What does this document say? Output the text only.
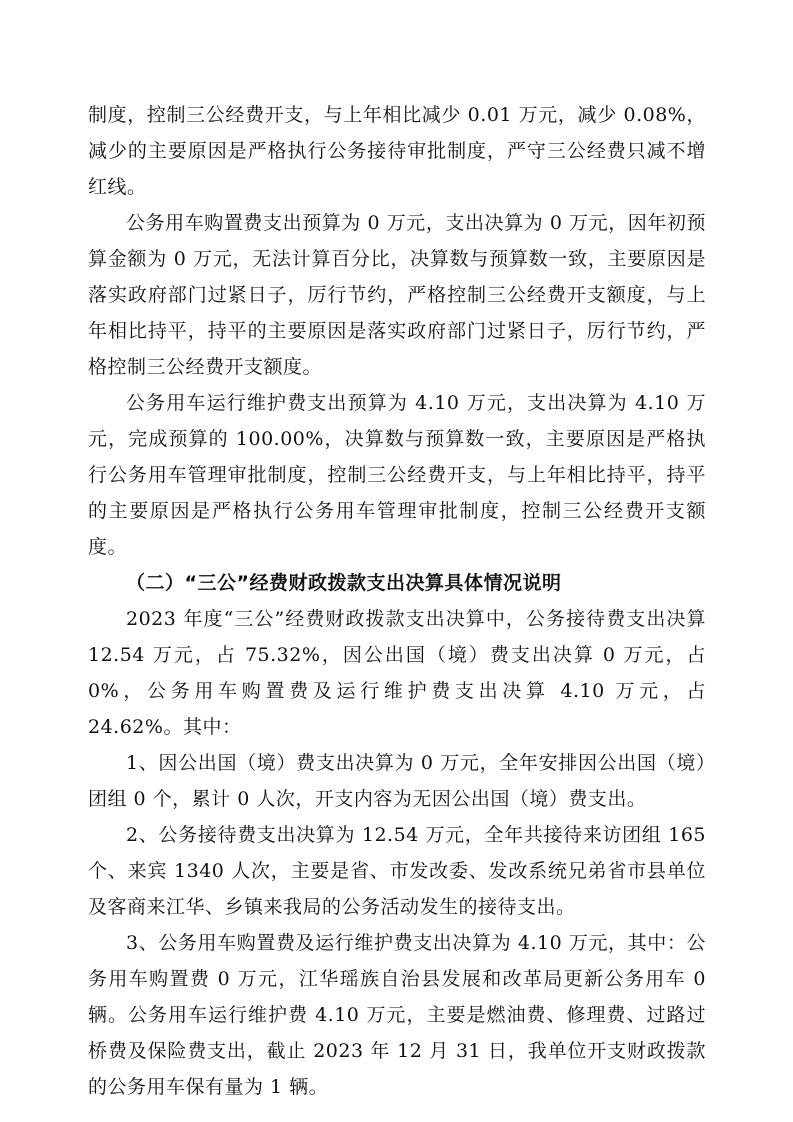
制度，控制三公经费开支，与上年相比减少 0.01 万元，减少 0.08%，减少的主要原因是严格执行公务接待审批制度，严守三公经费只减不增红线。

公务用车购置费支出预算为 0 万元，支出决算为 0 万元，因年初预算金额为 0 万元，无法计算百分比，决算数与预算数一致，主要原因是落实政府部门过紧日子，厉行节约，严格控制三公经费开支额度，与上年相比持平，持平的主要原因是落实政府部门过紧日子，厉行节约，严格控制三公经费开支额度。

公务用车运行维护费支出预算为 4.10 万元，支出决算为 4.10 万元，完成预算的 100.00%，决算数与预算数一致，主要原因是严格执行公务用车管理审批制度，控制三公经费开支，与上年相比持平，持平的主要原因是严格执行公务用车管理审批制度，控制三公经费开支额度。

（二）“三公”经费财政拨款支出决算具体情况说明

2023 年度“三公”经费财政拨款支出决算中，公务接待费支出决算 12.54 万元，占 75.32%，因公出国（境）费支出决算 0 万元，占 0%，公务用车购置费及运行维护费支出决算 4.10 万元，占 24.62%。其中：

1、因公出国（境）费支出决算为 0 万元，全年安排因公出国（境）团组 0 个，累计 0 人次，开支内容为无因公出国（境）费支出。

2、公务接待费支出决算为 12.54 万元，全年共接待来访团组 165 个、来宾 1340 人次，主要是省、市发改委、发改系统兄弟省市县单位及客商来江华、乡镇来我局的公务活动发生的接待支出。

3、公务用车购置费及运行维护费支出决算为 4.10 万元，其中：公务用车购置费 0 万元，江华瑶族自治县发展和改革局更新公务用车 0 辆。公务用车运行维护费 4.10 万元，主要是燃油费、修理费、过路过桥费及保险费支出，截止 2023 年 12 月 31 日，我单位开支财政拨款的公务用车保有量为 1 辆。
